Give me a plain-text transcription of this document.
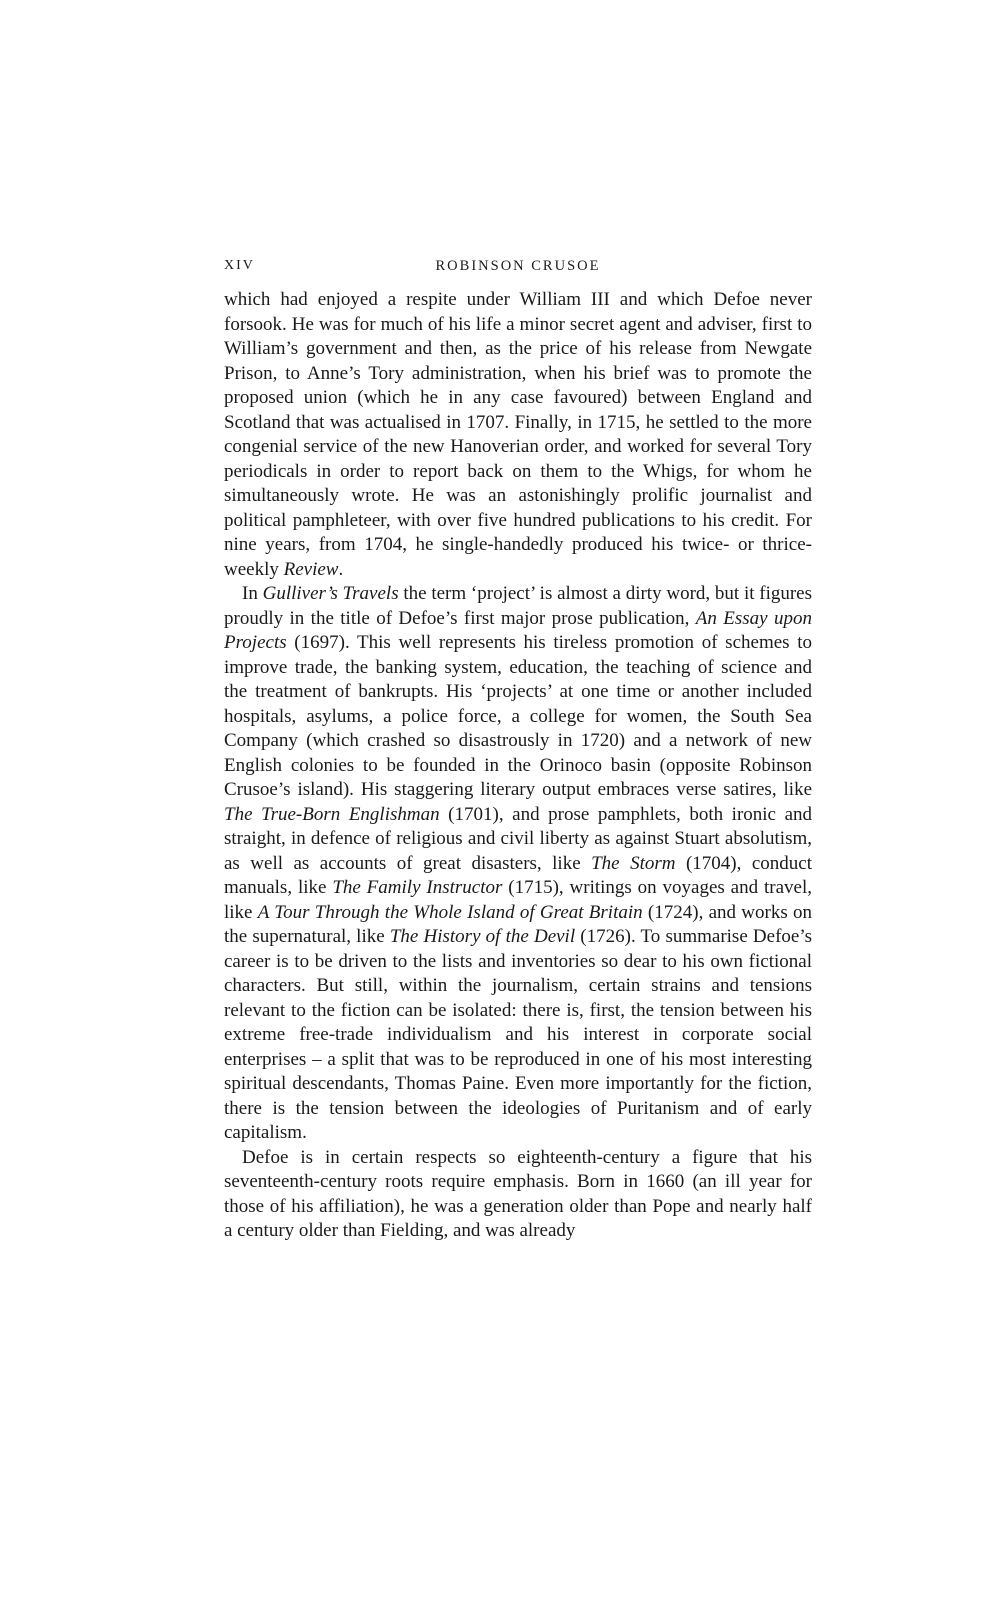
XIV	ROBINSON CRUSOE

which had enjoyed a respite under William III and which Defoe never forsook. He was for much of his life a minor secret agent and adviser, first to William’s government and then, as the price of his release from Newgate Prison, to Anne’s Tory administration, when his brief was to promote the proposed union (which he in any case favoured) between England and Scotland that was actualised in 1707. Finally, in 1715, he settled to the more congenial service of the new Hanoverian order, and worked for several Tory periodicals in order to report back on them to the Whigs, for whom he simultaneously wrote. He was an astonishingly prolific journalist and political pamphleteer, with over five hundred publications to his credit. For nine years, from 1704, he single-handedly produced his twice- or thrice-weekly Review.

In Gulliver’s Travels the term ‘project’ is almost a dirty word, but it figures proudly in the title of Defoe’s first major prose publication, An Essay upon Projects (1697). This well represents his tireless promotion of schemes to improve trade, the banking system, education, the teaching of science and the treatment of bankrupts. His ‘projects’ at one time or another included hospitals, asylums, a police force, a college for women, the South Sea Company (which crashed so disastrously in 1720) and a network of new English colonies to be founded in the Orinoco basin (opposite Robinson Crusoe’s island). His staggering literary output embraces verse satires, like The True-Born Englishman (1701), and prose pamphlets, both ironic and straight, in defence of religious and civil liberty as against Stuart absolutism, as well as accounts of great disasters, like The Storm (1704), conduct manuals, like The Family Instructor (1715), writings on voyages and travel, like A Tour Through the Whole Island of Great Britain (1724), and works on the supernatural, like The History of the Devil (1726). To summarise Defoe’s career is to be driven to the lists and inventories so dear to his own fictional characters. But still, within the journalism, certain strains and tensions relevant to the fiction can be isolated: there is, first, the tension between his extreme free-trade individualism and his interest in corporate social enterprises – a split that was to be reproduced in one of his most interesting spiritual descendants, Thomas Paine. Even more importantly for the fiction, there is the tension between the ideologies of Puritanism and of early capitalism.

Defoe is in certain respects so eighteenth-century a figure that his seventeenth-century roots require emphasis. Born in 1660 (an ill year for those of his affiliation), he was a generation older than Pope and nearly half a century older than Fielding, and was already
